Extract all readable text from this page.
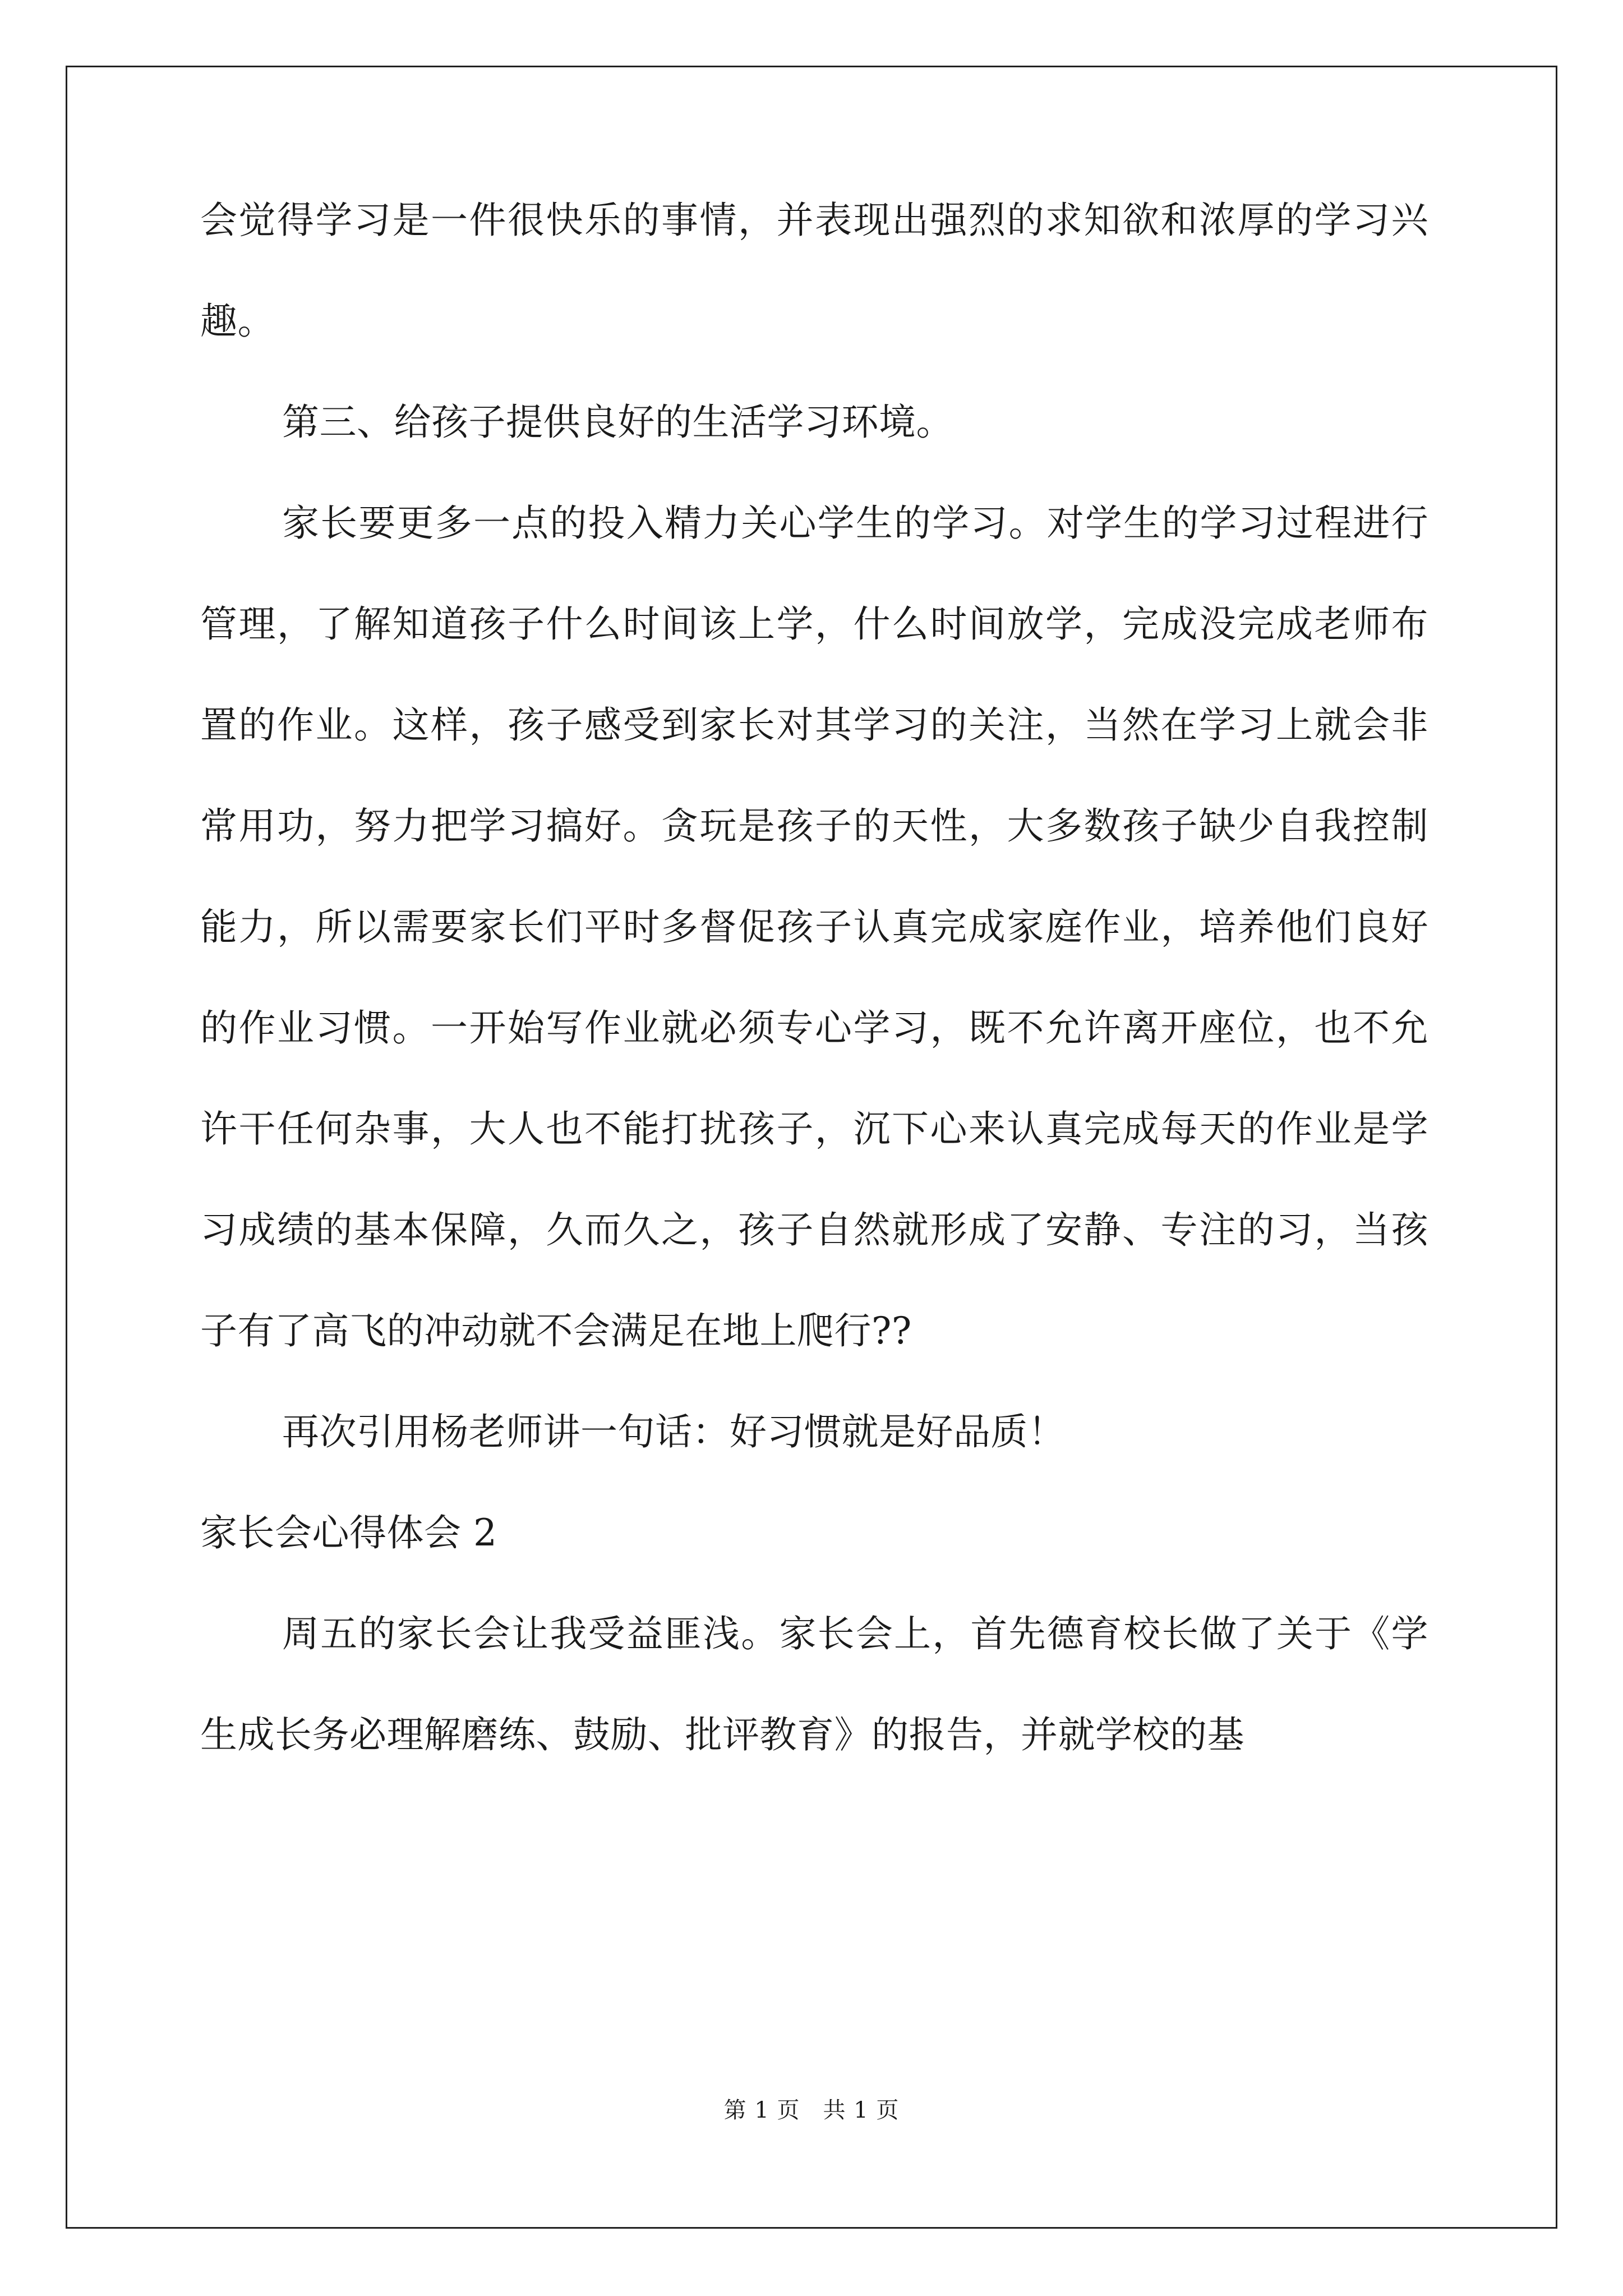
会觉得学习是一件很快乐的事情，并表现出强烈的求知欲和浓厚的学习兴趣。

第三、给孩子提供良好的生活学习环境。

家长要更多一点的投入精力关心学生的学习。对学生的学习过程进行管理，了解知道孩子什么时间该上学，什么时间放学，完成没完成老师布置的作业。这样，孩子感受到家长对其学习的关注，当然在学习上就会非常用功，努力把学习搞好。贪玩是孩子的天性，大多数孩子缺少自我控制能力，所以需要家长们平时多督促孩子认真完成家庭作业，培养他们良好的作业习惯。一开始写作业就必须专心学习，既不允许离开座位，也不允许干任何杂事，大人也不能打扰孩子，沉下心来认真完成每天的作业是学习成绩的基本保障，久而久之，孩子自然就形成了安静、专注的习，当孩子有了高飞的冲动就不会满足在地上爬行??

再次引用杨老师讲一句话：好习惯就是好品质！

家长会心得体会 2

周五的家长会让我受益匪浅。家长会上，首先德育校长做了关于《学生成长务必理解磨练、鼓励、批评教育》的报告，并就学校的基

第 1 页　共 1 页
